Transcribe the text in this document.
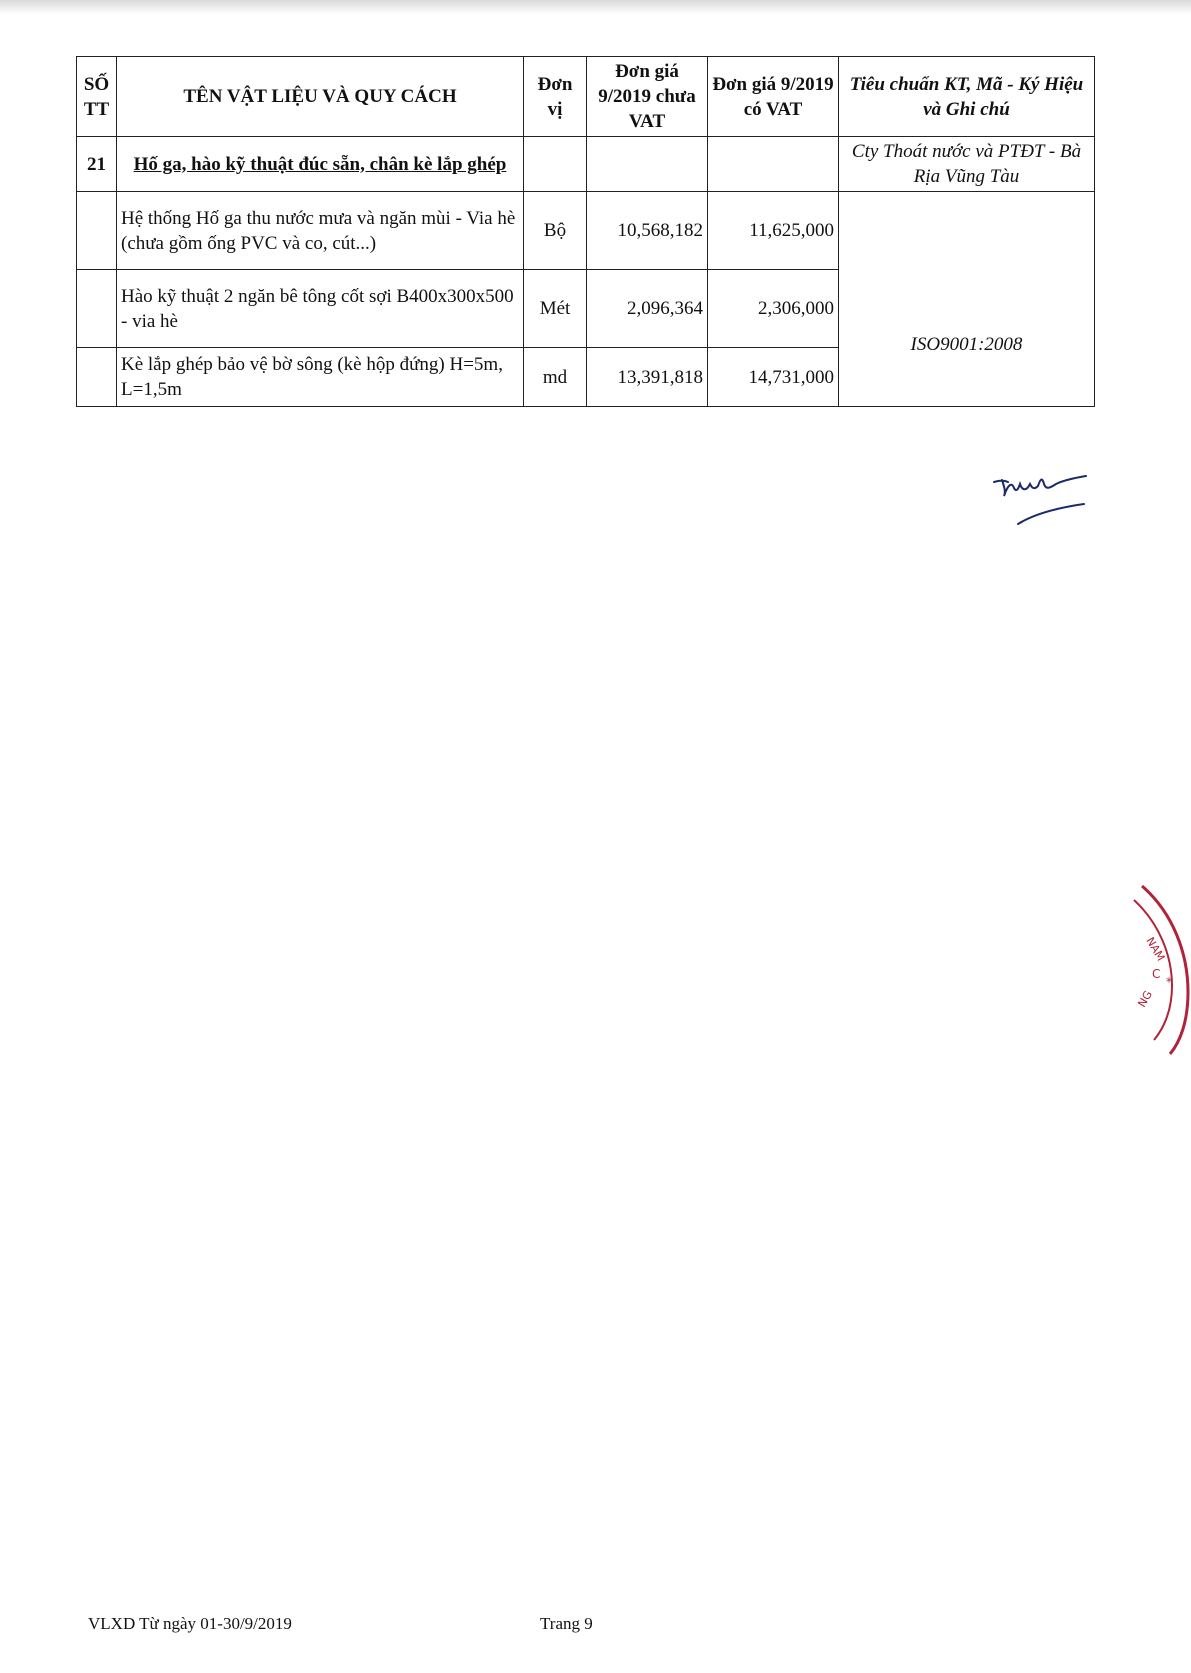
SỐ TT	TÊN VẬT LIỆU VÀ QUY CÁCH	Đơn vị	Đơn giá 9/2019 chưa VAT	Đơn giá 9/2019 có VAT	Tiêu chuẩn KT, Mã - Ký Hiệu và Ghi chú
21	Hố ga, hào kỹ thuật đúc sẵn, chân kè lắp ghép				Cty Thoát nước và PTĐT - Bà Rịa Vũng Tàu
	Hệ thống Hố ga thu nước mưa và ngăn mùi - Via hè (chưa gồm ống PVC và co, cút...)	Bộ	10,568,182	11,625,000	ISO9001:2008
	Hào kỹ thuật 2 ngăn bê tông cốt sợi B400x300x500 - via hè	Mét	2,096,364	2,306,000	
	Kè lắp ghép bảo vệ bờ sông (kè hộp đứng) H=5m, L=1,5m	md	13,391,818	14,731,000	
NAM
C
*
NG
VLXD Từ ngày 01-30/9/2019	Trang 9
